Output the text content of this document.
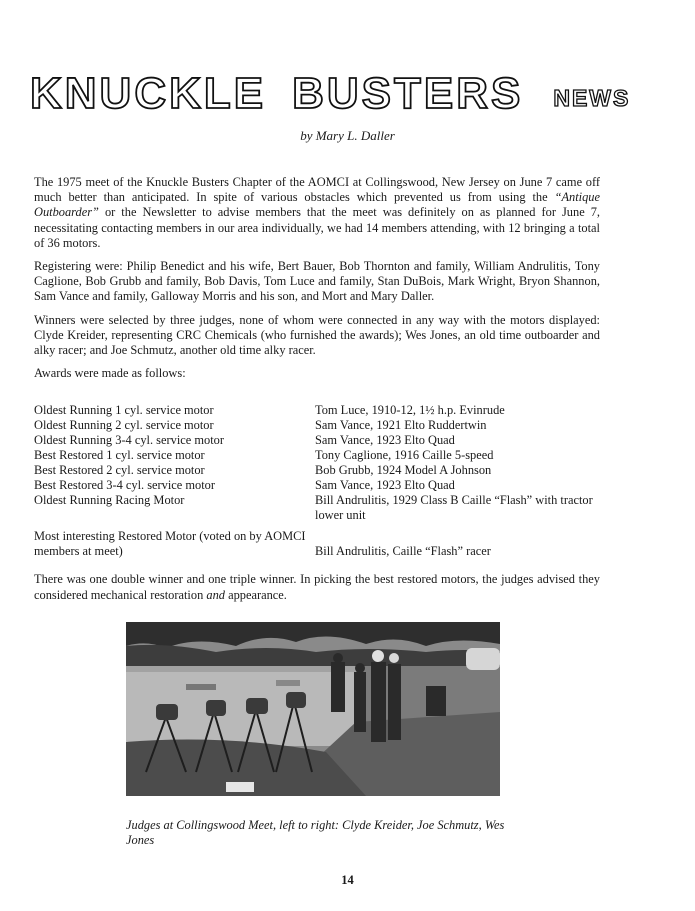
KNUCKLE BUSTERS NEWS
by Mary L. Daller

The 1975 meet of the Knuckle Busters Chapter of the AOMCI at Collingswood, New Jersey on June 7 came off much better than anticipated. In spite of various obstacles which prevented us from using the “Antique Outboarder” or the Newsletter to advise members that the meet was definitely on as planned for June 7, necessitating contacting members in our area individually, we had 14 members attending, with 12 bringing a total of 36 motors.

Registering were: Philip Benedict and his wife, Bert Bauer, Bob Thornton and family, William Andrulitis, Tony Caglione, Bob Grubb and family, Bob Davis, Tom Luce and family, Stan DuBois, Mark Wright, Bryon Shannon, Sam Vance and family, Galloway Morris and his son, and Mort and Mary Daller.

Winners were selected by three judges, none of whom were connected in any way with the motors displayed: Clyde Kreider, representing CRC Chemicals (who furnished the awards); Wes Jones, an old time outboarder and alky racer; and Joe Schmutz, another old time alky racer.

Awards were made as follows:

Oldest Running 1 cyl. service motor	Tom Luce, 1910-12, 1½ h.p. Evinrude
Oldest Running 2 cyl. service motor	Sam Vance, 1921 Elto Ruddertwin
Oldest Running 3-4 cyl. service motor	Sam Vance, 1923 Elto Quad
Best Restored 1 cyl. service motor	Tony Caglione, 1916 Caille 5-speed
Best Restored 2 cyl. service motor	Bob Grubb, 1924 Model A Johnson
Best Restored 3-4 cyl. service motor	Sam Vance, 1923 Elto Quad
Oldest Running Racing Motor	Bill Andrulitis, 1929 Class B Caille “Flash” with tractor lower unit
Most interesting Restored Motor (voted on by AOMCI members at meet)	Bill Andrulitis, Caille “Flash” racer

There was one double winner and one triple winner. In picking the best restored motors, the judges advised they considered mechanical restoration and appearance.

Judges at Collingswood Meet, left to right: Clyde Kreider, Joe Schmutz, Wes Jones
14
